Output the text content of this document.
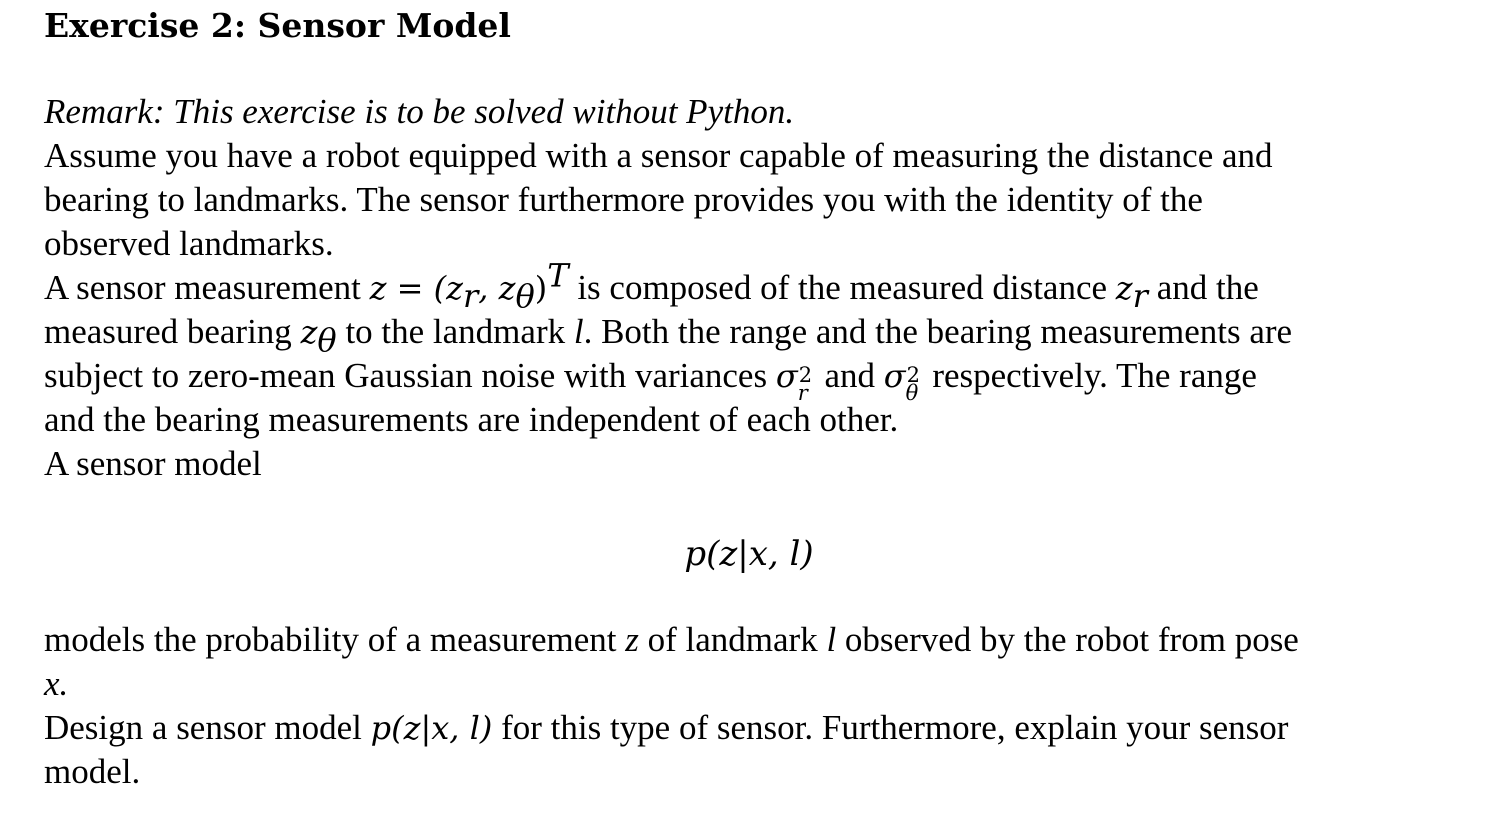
Exercise 2: Sensor Model
Remark: This exercise is to be solved without Python.
Assume you have a robot equipped with a sensor capable of measuring the distance and
bearing to landmarks. The sensor furthermore provides you with the identity of the
observed landmarks.
A sensor measurement $z = (z_r$, $z_\theta)^T$ is composed of the measured distance $z_r$ and the
measured bearing $z_\theta$ to the landmark l. Both the range and the bearing measurements are
subject to zero-mean Gaussian noise with variances σ 2
r and σ 2
θ respectively. The range
and the bearing measurements are independent of each other.
A sensor model
p(z|x, l)
models the probability of a measurement z of landmark l observed by the robot from pose
x.
Design a sensor model p(z|x, l) for this type of sensor. Furthermore, explain your sensor
model.
